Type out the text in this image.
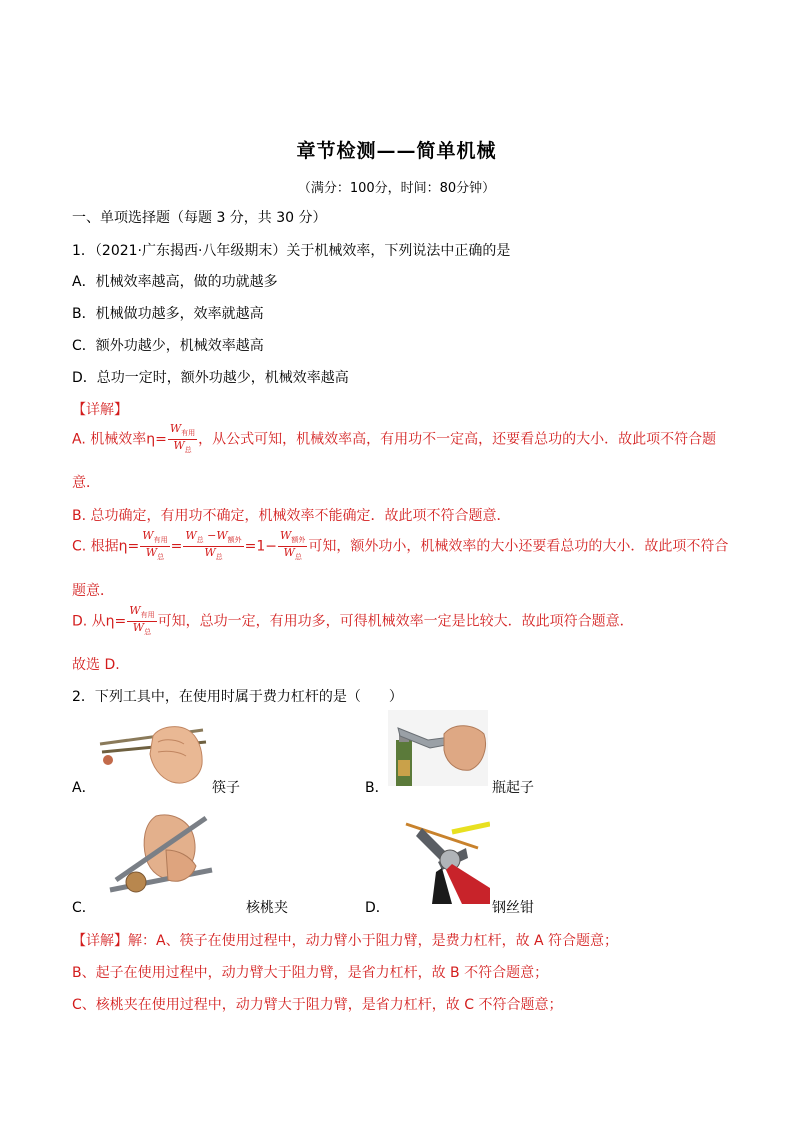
章节检测——简单机械
（满分：100分，时间：80分钟）
一、单项选择题（每题 3 分，共 30 分）
1．（2021·广东揭西·八年级期末）关于机械效率，下列说法中正确的是
A．机械效率越高，做的功就越多
B．机械做功越多，效率就越高
C．额外功越少，机械效率越高
D．总功一定时，额外功越少，机械效率越高
【详解】
A. 机械效率$\eta= \frac{W_{有用}}{W_总}$ ，从公式可知，机械效率高，有用功不一定高，还要看总功的大小．故此项不符合题
意．
B. 总功确定，有用功不确定，机械效率不能确定．故此项不符合题意．
C. 根据$\eta= \frac{W_{有用}}{W_总} = \frac{W_总 -W_{额外}}{W_总} =1- \frac{W_{额外}}{W_总}$ 可知，额外功小，机械效率的大小还要看总功的大小．故此项不符合
题意．
D. 从$\eta= \frac{W_{有用}}{W_总}$ 可知，总功一定，有用功多，可得机械效率一定是比较大．故此项符合题意．
故选 D.
2．下列工具中，在使用时属于费力杠杆的是（　　）
A．	筷子	B．	瓶起子
C．	核桃夹	D．	钢丝钳
【详解】解：A、筷子在使用过程中，动力臂小于阻力臂，是费力杠杆，故 A 符合题意；
B、起子在使用过程中，动力臂大于阻力臂，是省力杠杆，故 B 不符合题意；
C、核桃夹在使用过程中，动力臂大于阻力臂，是省力杠杆，故 C 不符合题意；
